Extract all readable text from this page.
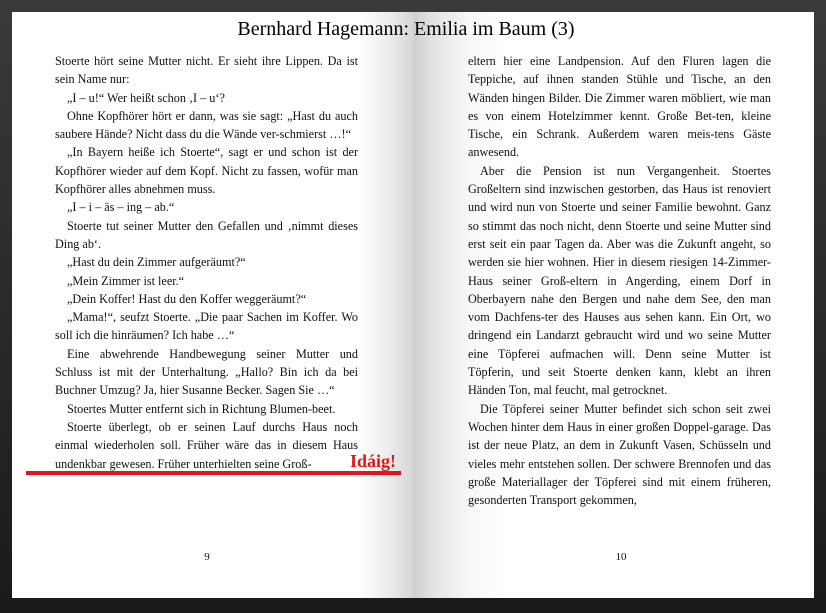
Bernhard Hagemann: Emilia im Baum (3)

Stoerte hört seine Mutter nicht. Er sieht ihre Lippen. Da ist sein Name nur:

„I – u!“ Wer heißt schon ‚I – u‘?

Ohne Kopfhörer hört er dann, was sie sagt: „Hast du auch saubere Hände? Nicht dass du die Wände ver-schmierst …!“

„In Bayern heiße ich Stoerte“, sagt er und schon ist der Kopfhörer wieder auf dem Kopf. Nicht zu fassen, wofür man Kopfhörer alles abnehmen muss.

„I – i – äs – ing – ab.“

Stoerte tut seiner Mutter den Gefallen und ‚nimmt dieses Ding ab‘.

„Hast du dein Zimmer aufgeräumt?“

„Mein Zimmer ist leer.“

„Dein Koffer! Hast du den Koffer weggeräumt?“

„Mama!“, seufzt Stoerte. „Die paar Sachen im Koffer. Wo soll ich die hinräumen? Ich habe …“

Eine abwehrende Handbewegung seiner Mutter und Schluss ist mit der Unterhaltung. „Hallo? Bin ich da bei Buchner Umzug? Ja, hier Susanne Becker. Sagen Sie …“

Stoertes Mutter entfernt sich in Richtung Blumen-beet.

Stoerte überlegt, ob er seinen Lauf durchs Haus noch einmal wiederholen soll. Früher wäre das in diesem Haus undenkbar gewesen. Früher unterhielten seine Groß-

eltern hier eine Landpension. Auf den Fluren lagen die Teppiche, auf ihnen standen Stühle und Tische, an den Wänden hingen Bilder. Die Zimmer waren möbliert, wie man es von einem Hotelzimmer kennt. Große Bet-ten, kleine Tische, ein Schrank. Außerdem waren meis-tens Gäste anwesend.

Aber die Pension ist nun Vergangenheit. Stoertes Großeltern sind inzwischen gestorben, das Haus ist renoviert und wird nun von Stoerte und seiner Familie bewohnt. Ganz so stimmt das noch nicht, denn Stoerte und seine Mutter sind erst seit ein paar Tagen da. Aber was die Zukunft angeht, so werden sie hier wohnen. Hier in diesem riesigen 14-Zimmer-Haus seiner Groß-eltern in Angerding, einem Dorf in Oberbayern nahe den Bergen und nahe dem See, den man vom Dachfens-ter des Hauses aus sehen kann. Ein Ort, wo dringend ein Landarzt gebraucht wird und wo seine Mutter eine Töpferei aufmachen will. Denn seine Mutter ist Töpferin, und seit Stoerte denken kann, klebt an ihren Händen Ton, mal feucht, mal getrocknet.

Die Töpferei seiner Mutter befindet sich schon seit zwei Wochen hinter dem Haus in einer großen Doppel-garage. Das ist der neue Platz, an dem in Zukunft Vasen, Schüsseln und vieles mehr entstehen sollen. Der schwere Brennofen und das große Materiallager der Töpferei sind mit einem früheren, gesonderten Transport gekommen,

9	10
Idáig!
